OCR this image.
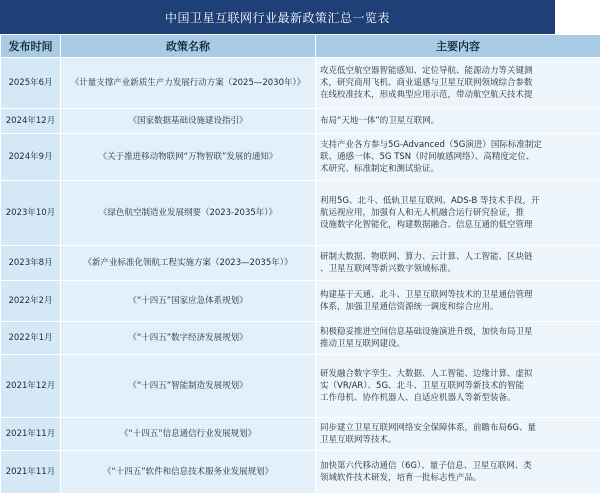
中国卫星互联网行业最新政策汇总一览表
发布时间	政策名称	主要内容
2025年6月	《计量支撑产业新质生产力发展行动方案（2025—2030年）》	攻克低空航空器智能感知、定位导航、能源动力等关键测
术，研究商用飞机、商业遥感与卫星互联网领域综合参数
在线校准技术，形成典型应用示范，带动航空航天技术提

2024年12月	《国家数据基础设施建设指引》	布局“天地一体”的卫星互联网。

2024年9月	《关于推进移动物联网“万物智联”发展的通知》	支持产业各方参与5G-Advanced（5G演进）国际标准制定
联、通感一体、5G TSN（时间敏感网络）、高精度定位、
术研究、标准制定和测试验证。

2023年10月	《绿色航空制造业发展纲要（2023-2035年）》	利用5G、北斗、低轨卫星互联网、ADS-B 等技术手段，开
航运视应用，加强有人和无人机融合运行研究验证，推
设施数字化智能化，构建数据融合、信息互通的低空管理

2023年8月	《新产业标准化领航工程实施方案（2023—2035年）》	研制大数据、物联网、算力、云计算、人工智能、区块链
、卫星互联网等新兴数字领域标准。

2022年2月	《“十四五”国家应急体系规划》	构建基于天通、北斗、卫星互联网等技术的卫星通信管理
体系，加强卫星通信资源统一调度和综合应用。

2022年1月	《“十四五”数字经济发展规划》	积极稳妥推进空间信息基础设施演进升级，加快布局卫星
推动卫星互联网建设。

2021年12月	《“十四五”智能制造发展规划》	研发融合数字孪生、大数据、人工智能、边缘计算、虚拟
实（VR/AR）、5G、北斗、卫星互联网等新技术的智能
工作母机、协作机器人、自适应机器人等新型装备。

2021年11月	《“十四五”信息通信行业发展规划》	同步建立卫星互联网网络安全保障体系，前瞻布局6G、量
卫星互联网等技术。

2021年11月	《“十四五”软件和信息技术服务业发展规划》	加快第六代移动通信（6G）、量子信息、卫星互联网、类
领域软件技术研发，培育一批标志性产品。
